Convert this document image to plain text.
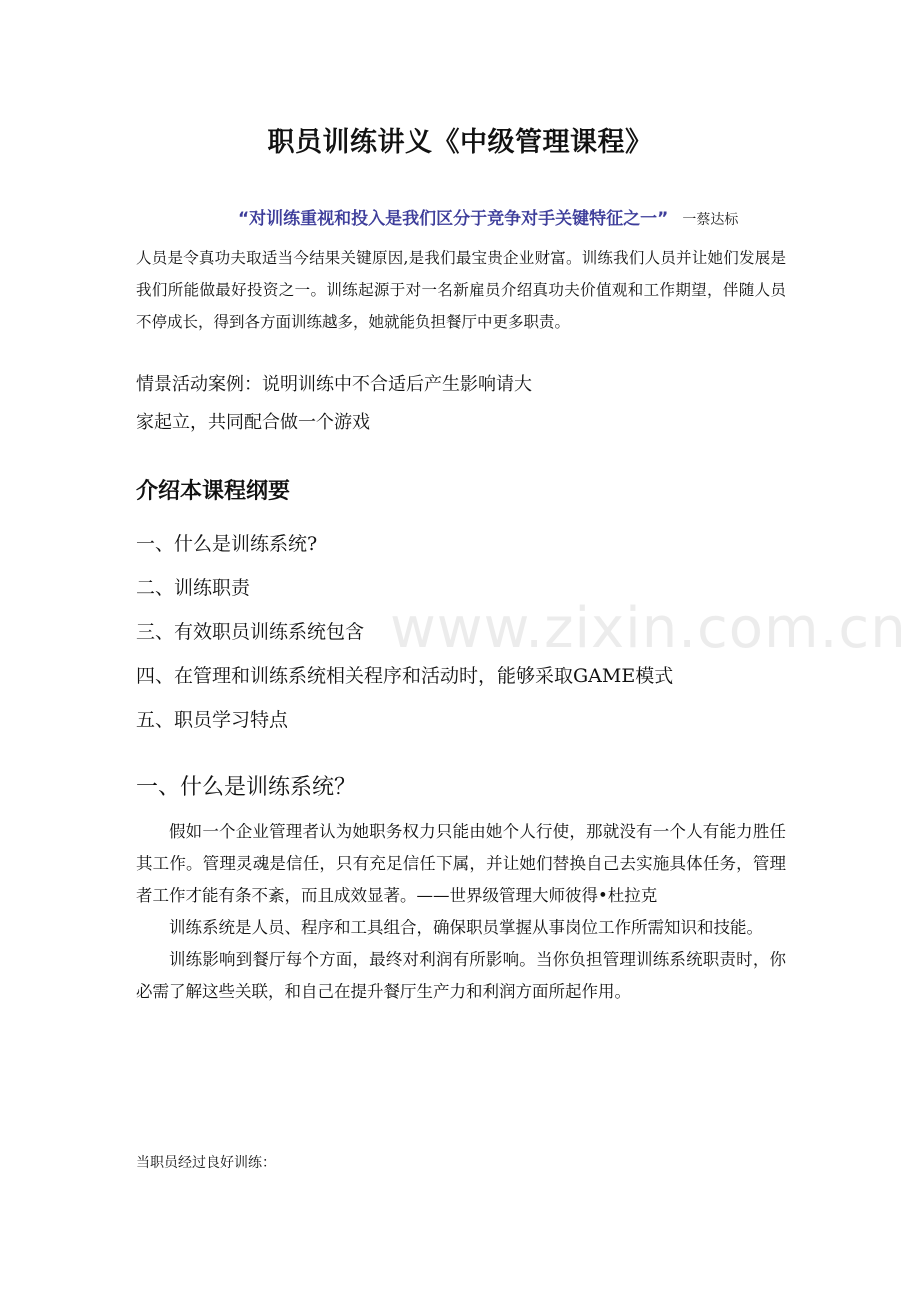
职员训练讲义《中级管理课程》
“对训练重视和投入是我们区分于竞争对手关键特征之一” 一蔡达标
人员是令真功夫取适当今结果关键原因,是我们最宝贵企业财富。训练我们人员并让她们发展是我们所能做最好投资之一。训练起源于对一名新雇员介绍真功夫价值观和工作期望，伴随人员不停成长，得到各方面训练越多，她就能负担餐厅中更多职责。
情景活动案例：说明训练中不合适后产生影响请大
家起立，共同配合做一个游戏
介绍本课程纲要
一、什么是训练系统?
二、训练职责
三、有效职员训练系统包含
四、在管理和训练系统相关程序和活动时，能够采取GAME模式
五、职员学习特点
一、什么是训练系统？

假如一个企业管理者认为她职务权力只能由她个人行使，那就没有一个人有能力胜任其工作。管理灵魂是信任，只有充足信任下属，并让她们替换自己去实施具体任务，管理者工作才能有条不紊，而且成效显著。——世界级管理大师彼得•杜拉克

训练系统是人员、程序和工具组合，确保职员掌握从事岗位工作所需知识和技能。

训练影响到餐厅每个方面，最终对利润有所影响。当你负担管理训练系统职责时，你必需了解这些关联，和自己在提升餐厅生产力和利润方面所起作用。

当职员经过良好训练：
www.zixin.com.cn
